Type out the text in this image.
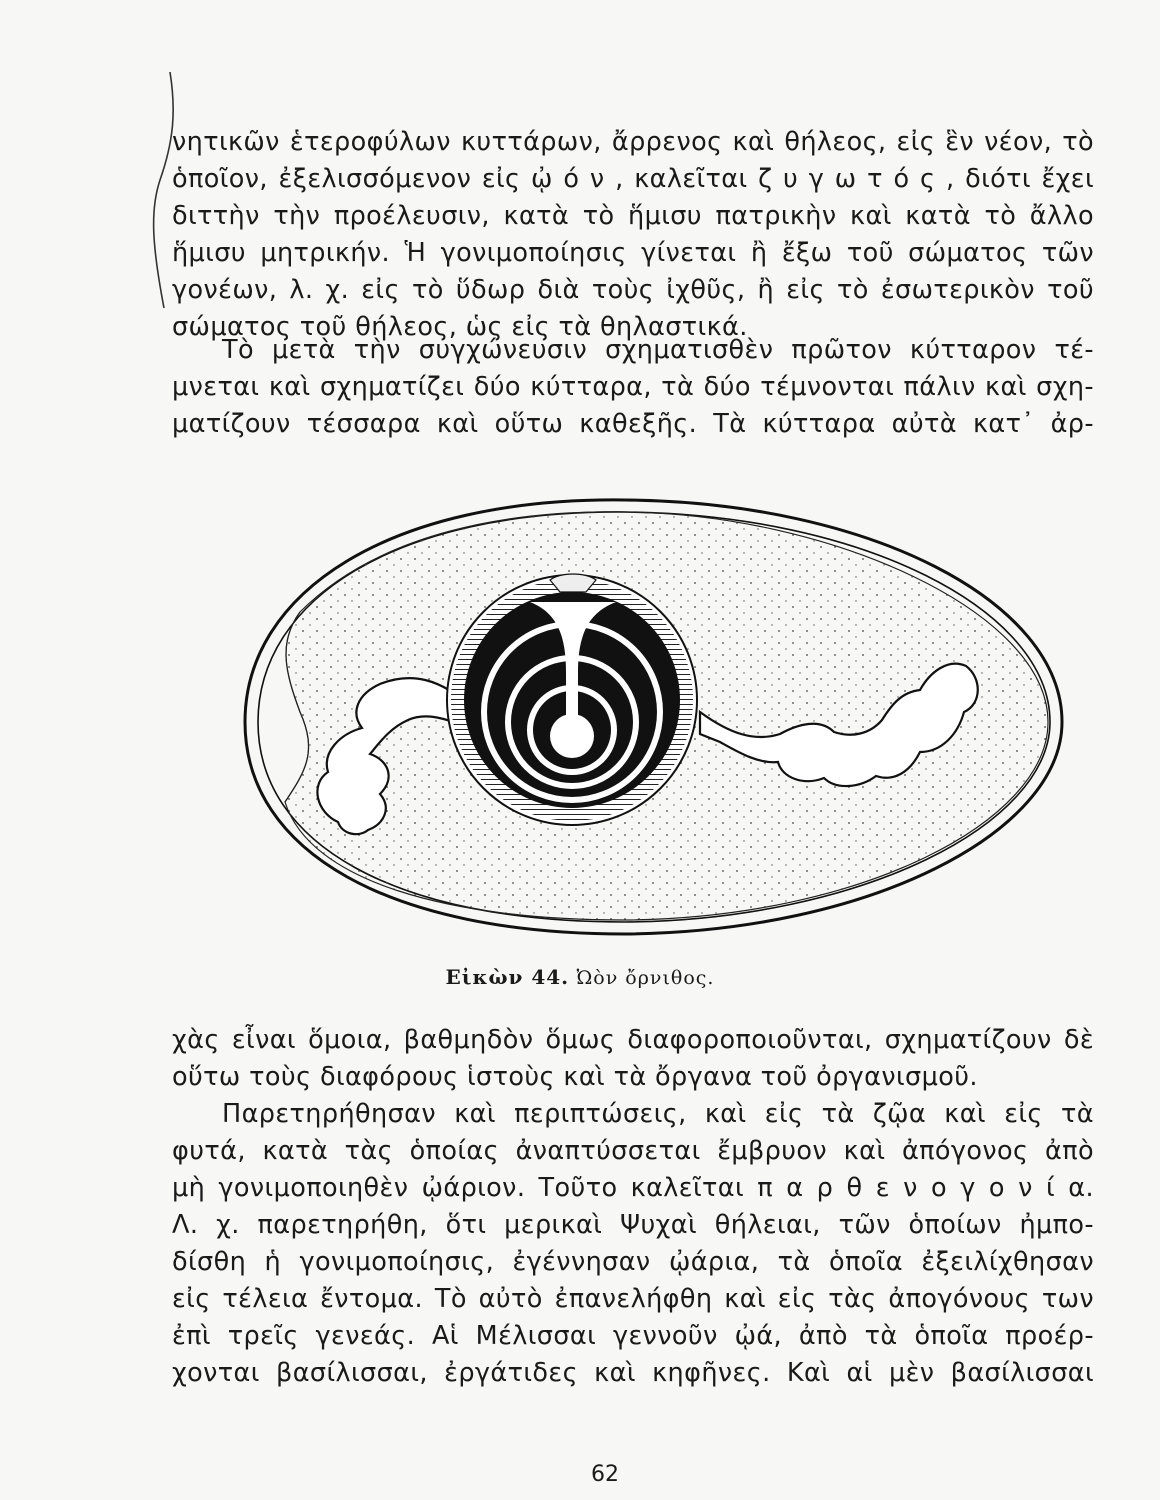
νητικῶν ἑτεροφύλων κυττάρων, ἄρρενος καὶ θήλεος, εἰς ἓν νέον, τὸ
ὁποῖον, ἐξελισσόμενον εἰς ᾠ ό ν , καλεῖται ζ υ γ ω τ ό ς , διότι ἔχει
διττὴν τὴν προέλευσιν, κατὰ τὸ ἥμισυ πατρικὴν καὶ κατὰ τὸ ἄλλο
ἥμισυ μητρικήν. Ἡ γονιμοποίησις γίνεται ἢ ἔξω τοῦ σώματος τῶν
γονέων, λ. χ. εἰς τὸ ὕδωρ διὰ τοὺς ἰχθῦς, ἢ εἰς τὸ ἐσωτερικὸν τοῦ
σώματος τοῦ θήλεος, ὡς εἰς τὰ θηλαστικά.
Τὸ μετὰ τὴν συγχώνευσιν σχηματισθὲν πρῶτον κύτταρον τέ-
μνεται καὶ σχηματίζει δύο κύτταρα, τὰ δύο τέμνονται πάλιν καὶ σχη-
ματίζουν τέσσαρα καὶ οὕτω καθεξῆς. Τὰ κύτταρα αὐτὰ κατ᾿ ἀρ-
Εἰκὼν 44. Ὠὸν ὄρνιθος.
χὰς εἶναι ὅμοια, βαθμηδὸν ὅμως διαφοροποιοῦνται, σχηματίζουν δὲ
οὕτω τοὺς διαφόρους ἱστοὺς καὶ τὰ ὄργανα τοῦ ὀργανισμοῦ.
Παρετηρήθησαν καὶ περιπτώσεις, καὶ εἰς τὰ ζῷα καὶ εἰς τὰ
φυτά, κατὰ τὰς ὁποίας ἀναπτύσσεται ἔμβρυον καὶ ἀπόγονος ἀπὸ
μὴ γονιμοποιηθὲν ᾠάριον. Τοῦτο καλεῖται π α ρ θ ε ν ο γ ο ν ί α.
Λ. χ. παρετηρήθη, ὅτι μερικαὶ Ψυχαὶ θήλειαι, τῶν ὁποίων ἠμπο-
δίσθη ἡ γονιμοποίησις, ἐγέννησαν ᾠάρια, τὰ ὁποῖα ἐξειλίχθησαν
εἰς τέλεια ἔντομα. Τὸ αὐτὸ ἐπανελήφθη καὶ εἰς τὰς ἀπογόνους των
ἐπὶ τρεῖς γενεάς. Αἱ Μέλισσαι γεννοῦν ᾠά, ἀπὸ τὰ ὁποῖα προέρ-
χονται βασίλισσαι, ἐργάτιδες καὶ κηφῆνες. Καὶ αἱ μὲν βασίλισσαι
62
